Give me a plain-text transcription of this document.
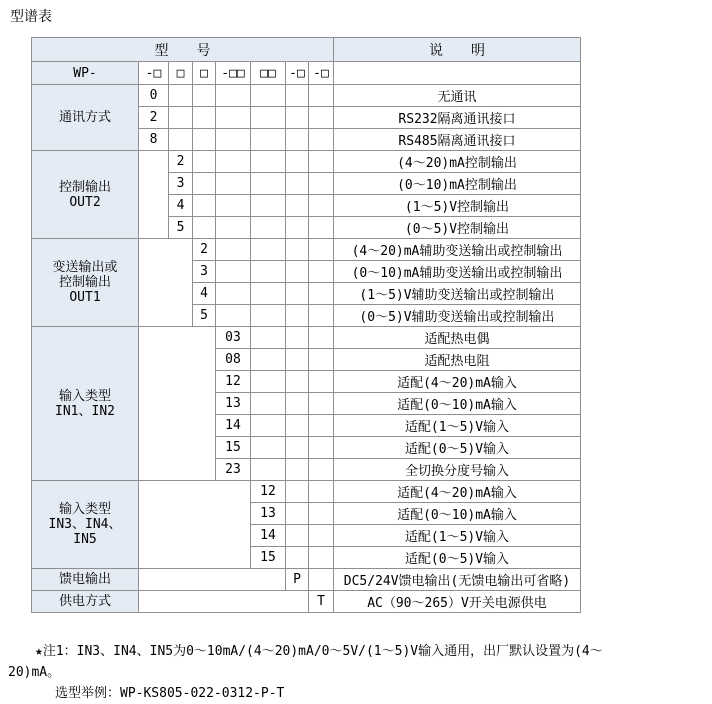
型谱表
型　　号								说　　明
WP-	-□	□	□	-□□	□□	-□	-□	

通讯方式	0							无通讯
	2							RS232隔离通讯接口
	8							RS485隔离通讯接口

控制输出
OUT2		2						(4～20)mA控制输出
		3						(0～10)mA控制输出
		4						(1～5)V控制输出
		5						(0～5)V控制输出

变送输出或
控制输出
OUT1			2					(4～20)mA辅助变送输出或控制输出
			3					(0～10)mA辅助变送输出或控制输出
			4					(1～5)V辅助变送输出或控制输出
			5					(0～5)V辅助变送输出或控制输出

输入类型
IN1、IN2				03				适配热电偶
				08				适配热电阻
				12				适配(4～20)mA输入
				13				适配(0～10)mA输入
				14				适配(1～5)V输入
				15				适配(0～5)V输入
				23				全切换分度号输入

输入类型
IN3、IN4、
IN5					12			适配(4～20)mA输入
					13			适配(0～10)mA输入
					14			适配(1～5)V输入
					15			适配(0～5)V输入

馈电输出						P		DC5/24V馈电输出(无馈电输出可省略)

供电方式							T	AC（90～265）V开关电源供电
★注1：IN3、IN4、IN5为0～10mA/(4～20)mA/0～5V/(1～5)V输入通用，出厂默认设置为(4～
20)mA。
选型举例：WP-KS805-022-0312-P-T
